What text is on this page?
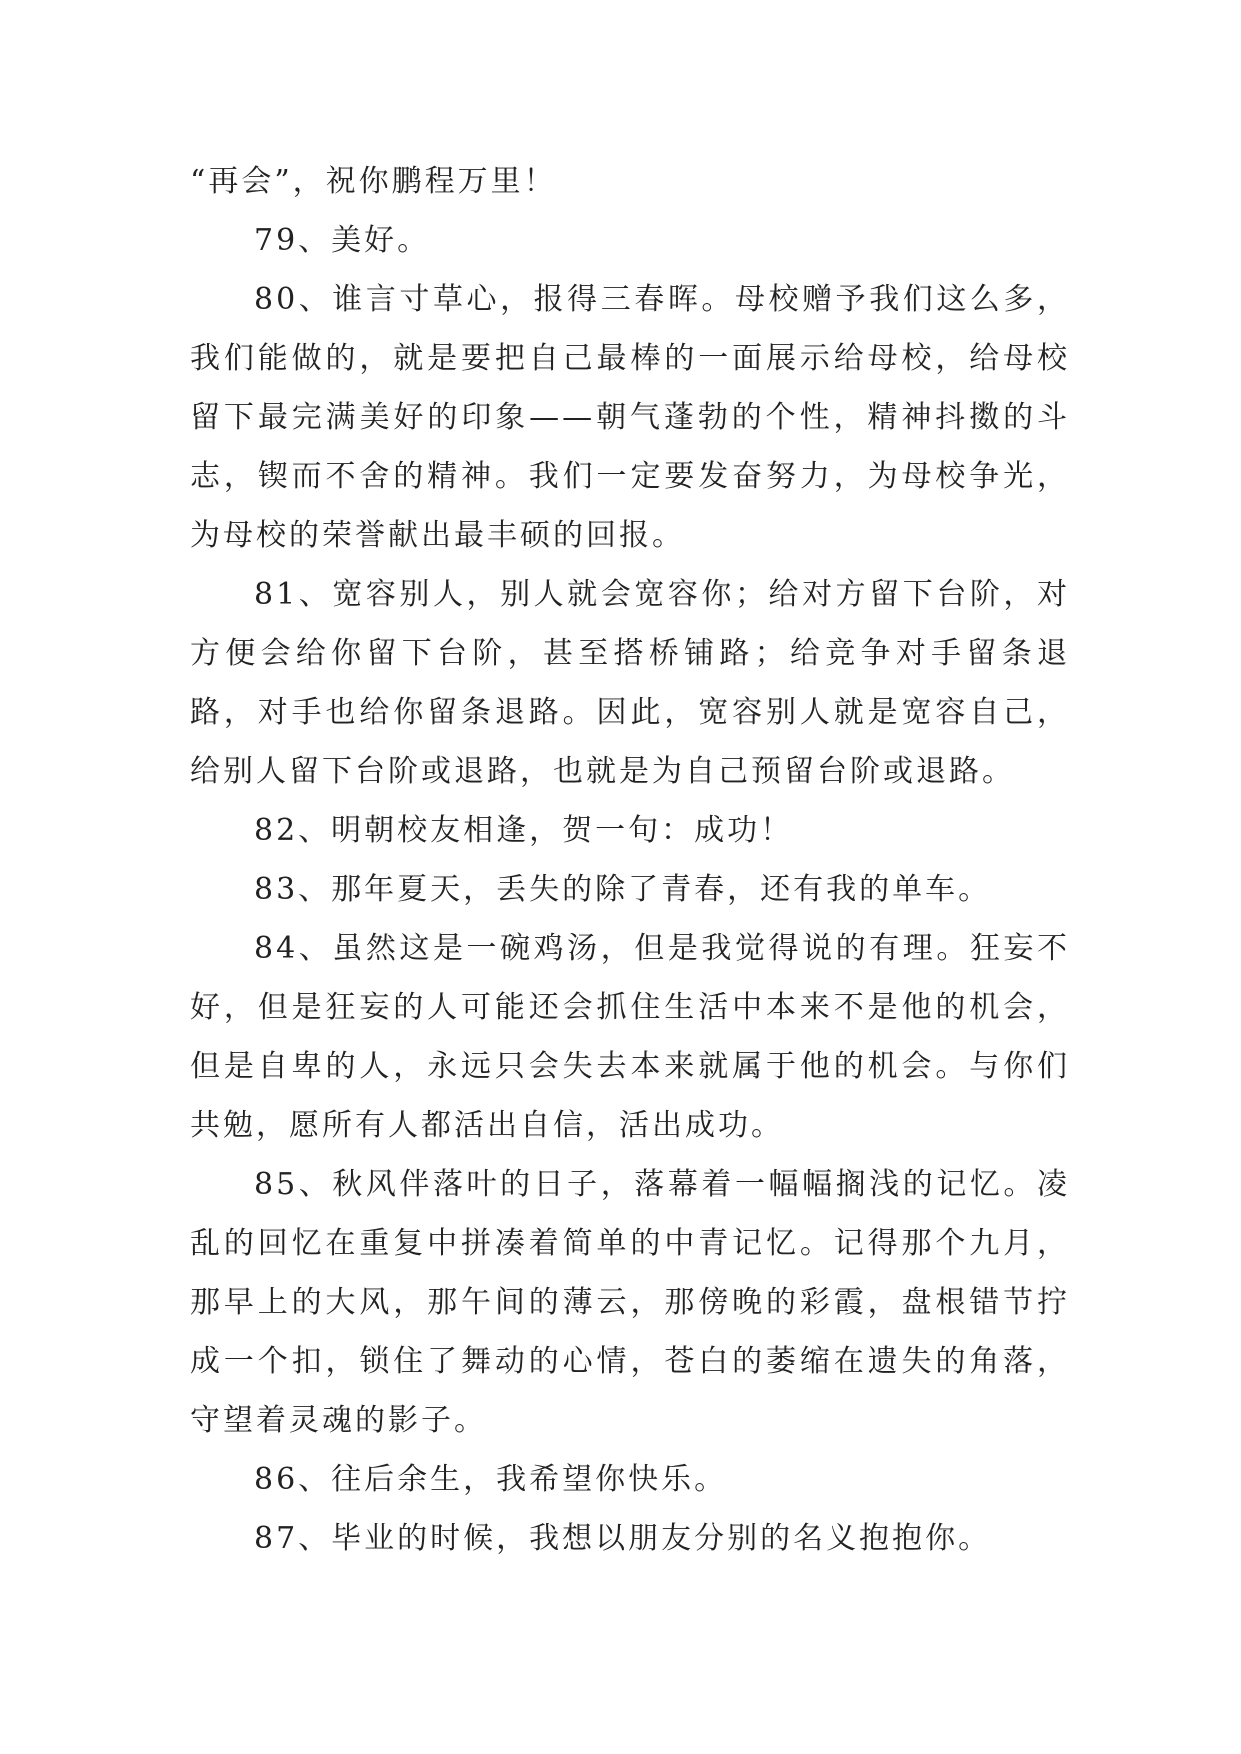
“再会”，祝你鹏程万里！

79、美好。

80、谁言寸草心，报得三春晖。母校赠予我们这么多，我们能做的，就是要把自己最棒的一面展示给母校，给母校留下最完满美好的印象——朝气蓬勃的个性，精神抖擞的斗志，锲而不舍的精神。我们一定要发奋努力，为母校争光，为母校的荣誉献出最丰硕的回报。

81、宽容别人，别人就会宽容你；给对方留下台阶，对方便会给你留下台阶，甚至搭桥铺路；给竞争对手留条退路，对手也给你留条退路。因此，宽容别人就是宽容自己，给别人留下台阶或退路，也就是为自己预留台阶或退路。

82、明朝校友相逢，贺一句：成功！

83、那年夏天，丢失的除了青春，还有我的单车。

84、虽然这是一碗鸡汤，但是我觉得说的有理。狂妄不好，但是狂妄的人可能还会抓住生活中本来不是他的机会，但是自卑的人，永远只会失去本来就属于他的机会。与你们共勉，愿所有人都活出自信，活出成功。

85、秋风伴落叶的日子，落幕着一幅幅搁浅的记忆。凌乱的回忆在重复中拼凑着简单的中青记忆。记得那个九月，那早上的大风，那午间的薄云，那傍晚的彩霞，盘根错节拧成一个扣，锁住了舞动的心情，苍白的萎缩在遗失的角落，守望着灵魂的影子。

86、往后余生，我希望你快乐。

87、毕业的时候，我想以朋友分别的名义抱抱你。
